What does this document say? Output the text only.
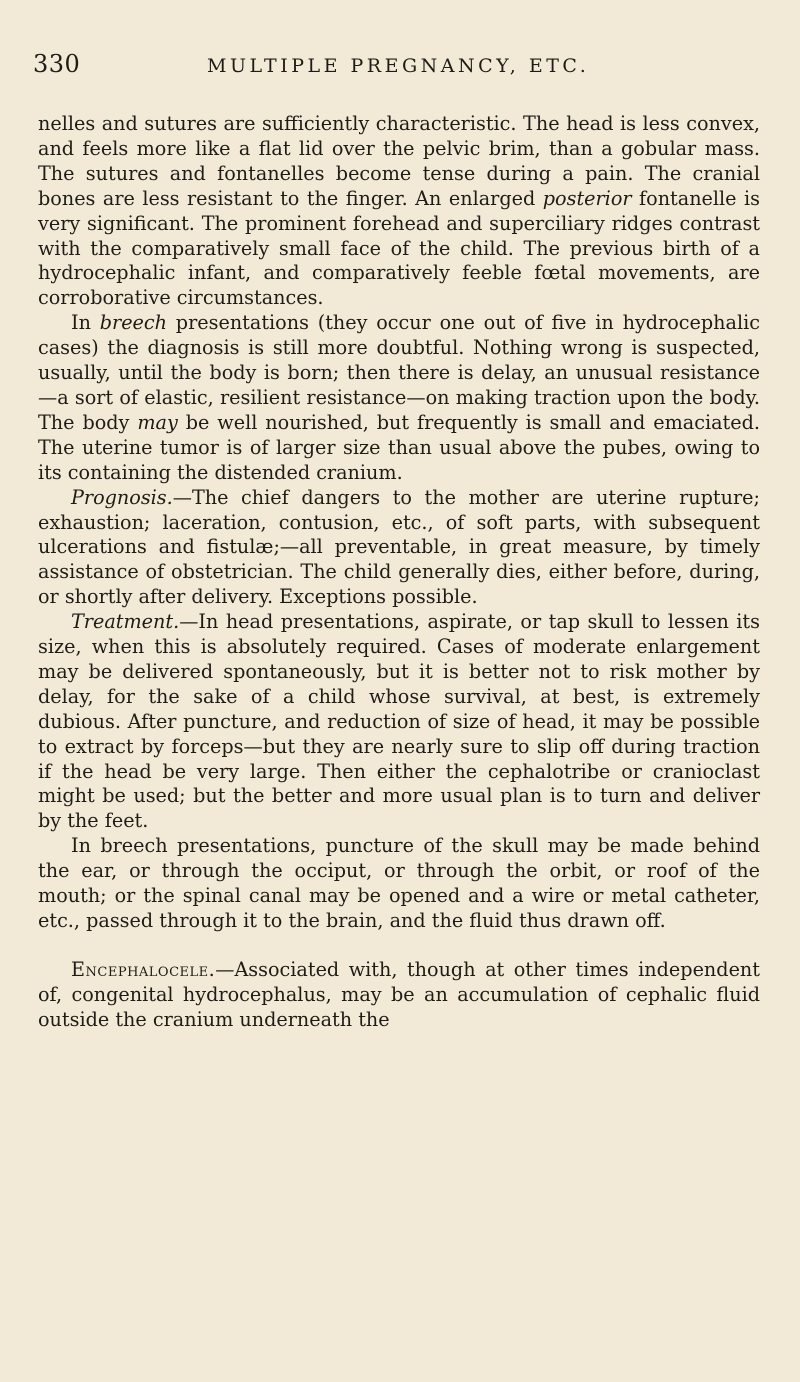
330	MULTIPLE PREGNANCY, ETC.

nelles and sutures are sufficiently characteristic. The head is less convex, and feels more like a flat lid over the pelvic brim, than a gobular mass. The sutures and fontanelles become tense during a pain. The cranial bones are less resistant to the finger. An enlarged posterior fontanelle is very significant. The prominent forehead and superciliary ridges contrast with the comparatively small face of the child. The previous birth of a hydrocephalic infant, and comparatively feeble fœtal movements, are corroborative circumstances.

In breech presentations (they occur one out of five in hydrocephalic cases) the diagnosis is still more doubtful. Nothing wrong is suspected, usually, until the body is born; then there is delay, an unusual resistance—a sort of elastic, resilient resistance—on making traction upon the body. The body may be well nourished, but frequently is small and emaciated. The uterine tumor is of larger size than usual above the pubes, owing to its containing the distended cranium.

Prognosis.—The chief dangers to the mother are uterine rupture; exhaustion; laceration, contusion, etc., of soft parts, with subsequent ulcerations and fistulæ;—all preventable, in great measure, by timely assistance of obstetrician. The child generally dies, either before, during, or shortly after delivery. Exceptions possible.

Treatment.—In head presentations, aspirate, or tap skull to lessen its size, when this is absolutely required. Cases of moderate enlargement may be delivered spontaneously, but it is better not to risk mother by delay, for the sake of a child whose survival, at best, is extremely dubious. After puncture, and reduction of size of head, it may be possible to extract by forceps—but they are nearly sure to slip off during traction if the head be very large. Then either the cephalotribe or cranioclast might be used; but the better and more usual plan is to turn and deliver by the feet.

In breech presentations, puncture of the skull may be made behind the ear, or through the occiput, or through the orbit, or roof of the mouth; or the spinal canal may be opened and a wire or metal catheter, etc., passed through it to the brain, and the fluid thus drawn off.

Encephalocele.—Associated with, though at other times independent of, congenital hydrocephalus, may be an accumulation of cephalic fluid outside the cranium underneath the
